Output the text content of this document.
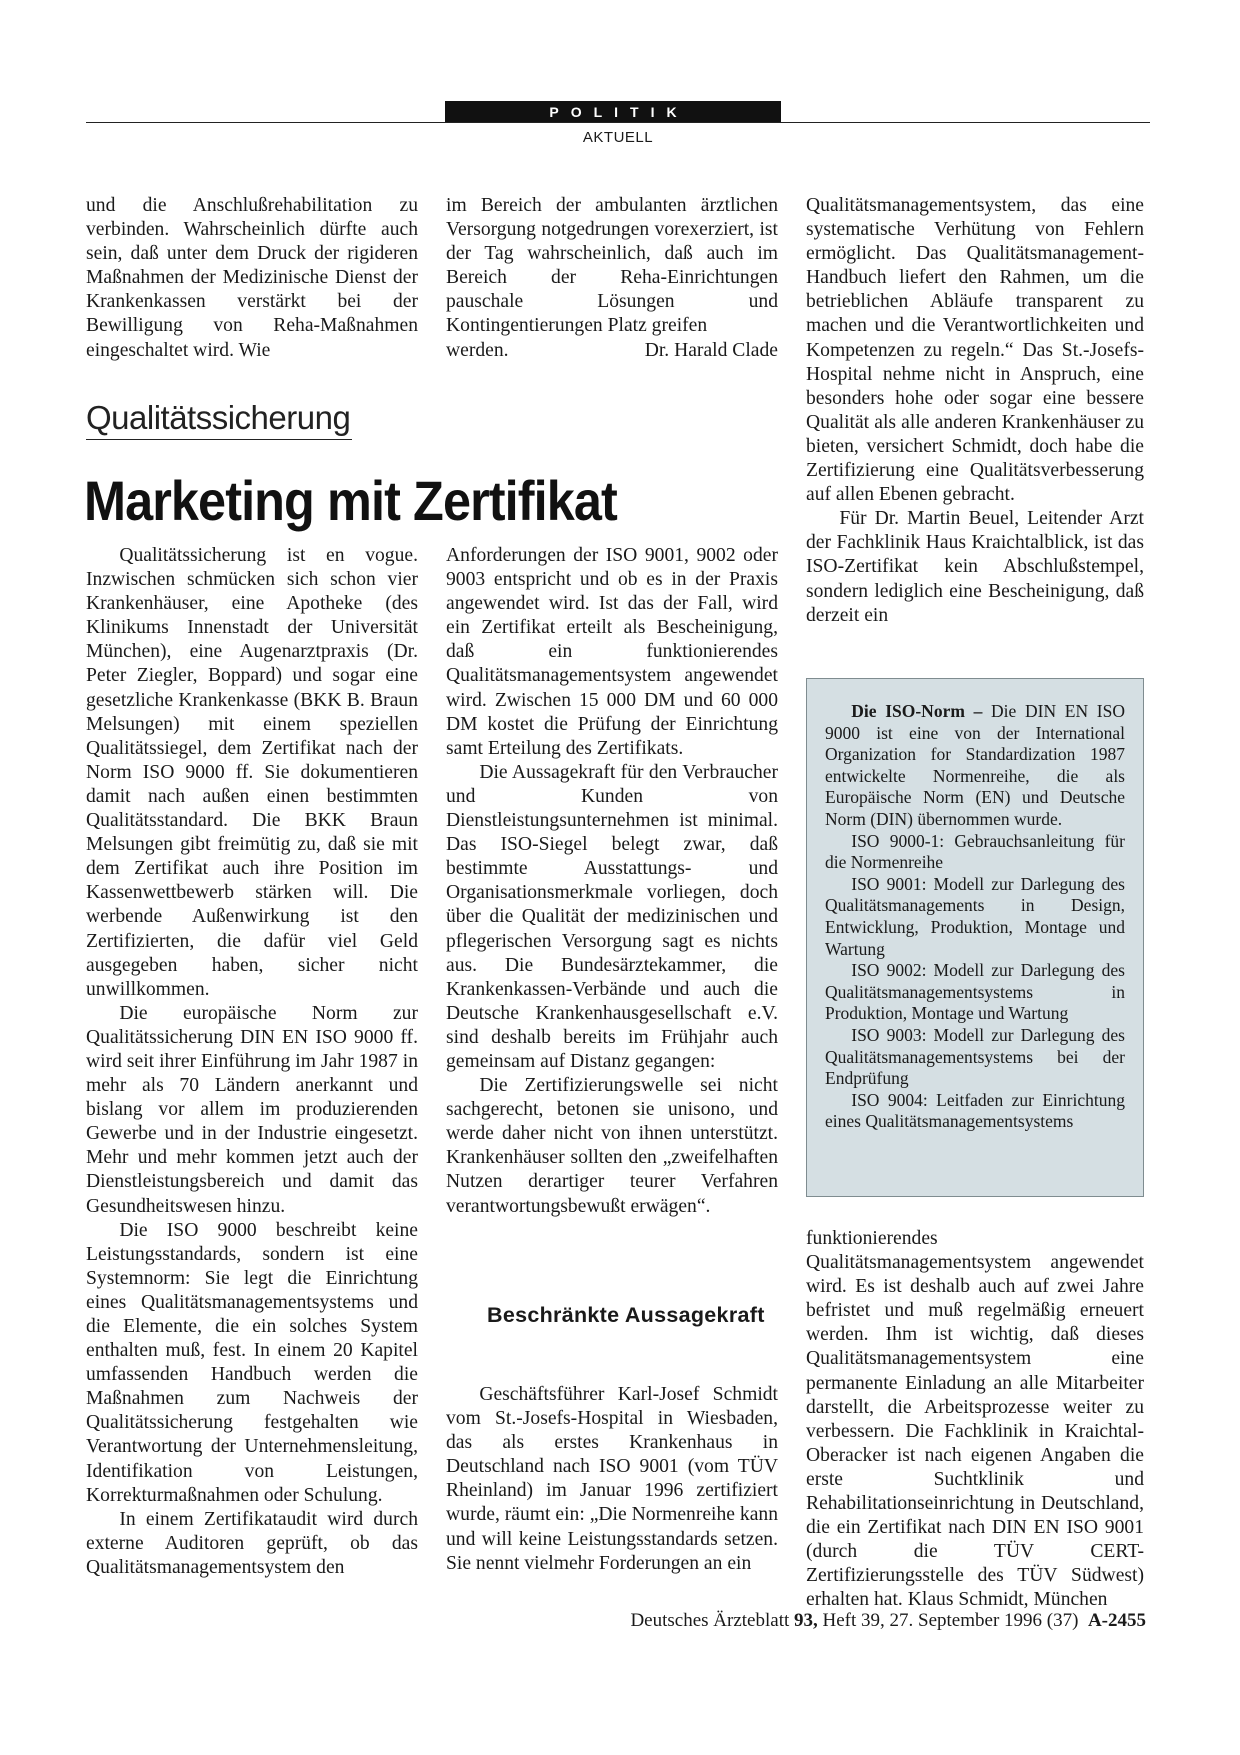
POLITIK
AKTUELL

und die Anschlußrehabilitation zu verbinden. Wahrscheinlich dürfte auch sein, daß unter dem Druck der rigideren Maßnahmen der Medizinische Dienst der Krankenkassen verstärkt bei der Bewilligung von Reha-Maßnahmen eingeschaltet wird. Wie

im Bereich der ambulanten ärztlichen Versorgung notgedrungen vorexerziert, ist der Tag wahrscheinlich, daß auch im Bereich der Reha-Einrichtungen pauschale Lösungen und Kontingentierungen Platz greifen

werden.	Dr. Harald Clade

Qualitätssicherung
Marketing mit Zertifikat

Qualitätssicherung ist en vogue. Inzwischen schmücken sich schon vier Krankenhäuser, eine Apotheke (des Klinikums Innenstadt der Universität München), eine Augenarztpraxis (Dr. Peter Ziegler, Boppard) und sogar eine gesetzliche Krankenkasse (BKK B. Braun Melsungen) mit einem speziellen Qualitätssiegel, dem Zertifikat nach der Norm ISO 9000 ff. Sie dokumentieren damit nach außen einen bestimmten Qualitätsstandard. Die BKK Braun Melsungen gibt freimütig zu, daß sie mit dem Zertifikat auch ihre Position im Kassenwettbewerb stärken will. Die werbende Außenwirkung ist den Zertifizierten, die dafür viel Geld ausgegeben haben, sicher nicht unwillkommen.

Die europäische Norm zur Qualitätssicherung DIN EN ISO 9000 ff. wird seit ihrer Einführung im Jahr 1987 in mehr als 70 Ländern anerkannt und bislang vor allem im produzierenden Gewerbe und in der Industrie eingesetzt. Mehr und mehr kommen jetzt auch der Dienstleistungsbereich und damit das Gesundheitswesen hinzu.

Die ISO 9000 beschreibt keine Leistungsstandards, sondern ist eine Systemnorm: Sie legt die Einrichtung eines Qualitätsmanagementsystems und die Elemente, die ein solches System enthalten muß, fest. In einem 20 Kapitel umfassenden Handbuch werden die Maßnahmen zum Nachweis der Qualitätssicherung festgehalten wie Verantwortung der Unternehmensleitung, Identifikation von Leistungen, Korrekturmaßnahmen oder Schulung.

In einem Zertifikataudit wird durch externe Auditoren geprüft, ob das Qualitätsmanagementsystem den

Anforderungen der ISO 9001, 9002 oder 9003 entspricht und ob es in der Praxis angewendet wird. Ist das der Fall, wird ein Zertifikat erteilt als Bescheinigung, daß ein funktionierendes Qualitätsmanagementsystem angewendet wird. Zwischen 15 000 DM und 60 000 DM kostet die Prüfung der Einrichtung samt Erteilung des Zertifikats.

Die Aussagekraft für den Verbraucher und Kunden von Dienstleistungsunternehmen ist minimal. Das ISO-Siegel belegt zwar, daß bestimmte Ausstattungs- und Organisationsmerkmale vorliegen, doch über die Qualität der medizinischen und pflegerischen Versorgung sagt es nichts aus. Die Bundesärztekammer, die Krankenkassen-Verbände und auch die Deutsche Krankenhausgesellschaft e.V. sind deshalb bereits im Frühjahr auch gemeinsam auf Distanz gegangen:

Die Zertifizierungswelle sei nicht sachgerecht, betonen sie unisono, und werde daher nicht von ihnen unterstützt. Krankenhäuser sollten den „zweifelhaften Nutzen derartiger teurer Verfahren verantwortungsbewußt erwägen“.

Beschränkte Aussagekraft

Geschäftsführer Karl-Josef Schmidt vom St.-Josefs-Hospital in Wiesbaden, das als erstes Krankenhaus in Deutschland nach ISO 9001 (vom TÜV Rheinland) im Januar 1996 zertifiziert wurde, räumt ein: „Die Normenreihe kann und will keine Leistungsstandards setzen. Sie nennt vielmehr Forderungen an ein

Qualitätsmanagementsystem, das eine systematische Verhütung von Fehlern ermöglicht. Das Qualitätsmanagement-Handbuch liefert den Rahmen, um die betrieblichen Abläufe transparent zu machen und die Verantwortlichkeiten und Kompetenzen zu regeln.“ Das St.-Josefs-Hospital nehme nicht in Anspruch, eine besonders hohe oder sogar eine bessere Qualität als alle anderen Krankenhäuser zu bieten, versichert Schmidt, doch habe die Zertifizierung eine Qualitätsverbesserung auf allen Ebenen gebracht.

Für Dr. Martin Beuel, Leitender Arzt der Fachklinik Haus Kraichtalblick, ist das ISO-Zertifikat kein Abschlußstempel, sondern lediglich eine Bescheinigung, daß derzeit ein

Die ISO-Norm – Die DIN EN ISO 9000 ist eine von der International Organization for Standardization 1987 entwickelte Normenreihe, die als Europäische Norm (EN) und Deutsche Norm (DIN) übernommen wurde.

ISO 9000-1: Gebrauchsanleitung für die Normenreihe

ISO 9001: Modell zur Darlegung des Qualitätsmanagements in Design, Entwicklung, Produktion, Montage und Wartung

ISO 9002: Modell zur Darlegung des Qualitätsmanagementsystems in Produktion, Montage und Wartung

ISO 9003: Modell zur Darlegung des Qualitätsmanagementsystems bei der Endprüfung

ISO 9004: Leitfaden zur Einrichtung eines Qualitätsmanagementsystems

funktionierendes Qualitätsmanagementsystem angewendet wird. Es ist deshalb auch auf zwei Jahre befristet und muß regelmäßig erneuert werden. Ihm ist wichtig, daß dieses Qualitätsmanagementsystem eine permanente Einladung an alle Mitarbeiter darstellt, die Arbeitsprozesse weiter zu verbessern. Die Fachklinik in Kraichtal-Oberacker ist nach eigenen Angaben die erste Suchtklinik und Rehabilitationseinrichtung in Deutschland, die ein Zertifikat nach DIN EN ISO 9001 (durch die TÜV CERT-Zertifizierungsstelle des TÜV Südwest) erhalten hat. Klaus Schmidt, München

Deutsches Ärzteblatt 93, Heft 39, 27. September 1996 (37) A-2455
